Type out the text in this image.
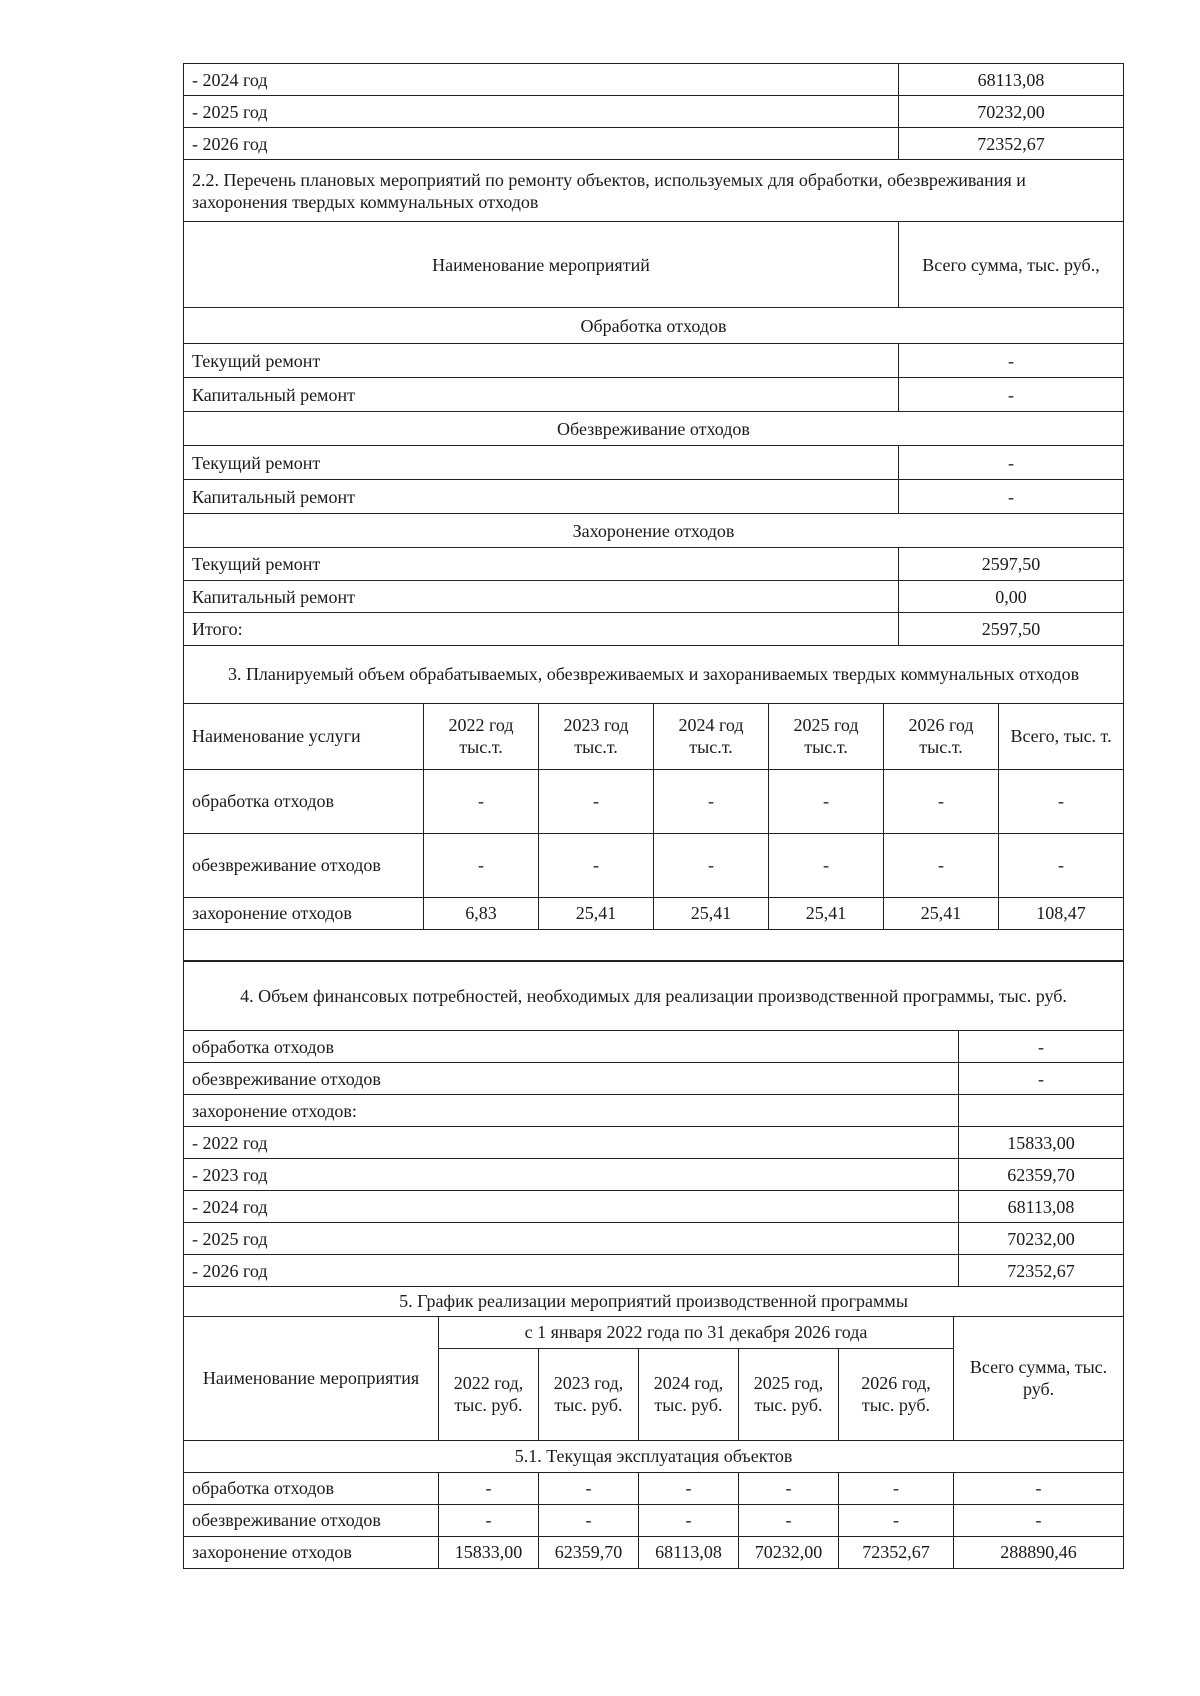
- 2024 год	68113,08
- 2025 год	70232,00
- 2026 год	72352,67
2.2. Перечень плановых мероприятий по ремонту объектов, используемых для обработки, обезвреживания и захоронения твердых коммунальных отходов	
Наименование мероприятий	Всего сумма, тыс. руб.,
Обработка отходов	
Текущий ремонт	-
Капитальный ремонт	-
Обезвреживание отходов	
Текущий ремонт	-
Капитальный ремонт	-
Захоронение отходов	
Текущий ремонт	2597,50
Капитальный ремонт	0,00
Итого:	2597,50
3. Планируемый объем обрабатываемых, обезвреживаемых и захораниваемых твердых коммунальных отходов						
Наименование услуги	2022 год тыс.т.	2023 год тыс.т.	2024 год тыс.т.	2025 год тыс.т.	2026 год тыс.т.	Всего, тыс. т.
обработка отходов	-	-	-	-	-	-
обезвреживание отходов	-	-	-	-	-	-
захоронение отходов	6,83	25,41	25,41	25,41	25,41	108,47

4. Объем финансовых потребностей, необходимых для реализации производственной программы, тыс. руб.	
обработка отходов	-
обезвреживание отходов	-
захоронение отходов:	
- 2022 год	15833,00
- 2023 год	62359,70
- 2024 год	68113,08
- 2025 год	70232,00
- 2026 год	72352,67
5. График реализации мероприятий производственной программы						
Наименование мероприятия	с 1 января 2022 года по 31 декабря 2026 года					Всего сумма, тыс. руб.
	2022 год, тыс. руб.	2023 год, тыс. руб.	2024 год, тыс. руб.	2025 год, тыс. руб.	2026 год, тыс. руб.	
5.1. Текущая эксплуатация объектов						
обработка отходов	-	-	-	-	-	-
обезвреживание отходов	-	-	-	-	-	-
захоронение отходов	15833,00	62359,70	68113,08	70232,00	72352,67	288890,46
